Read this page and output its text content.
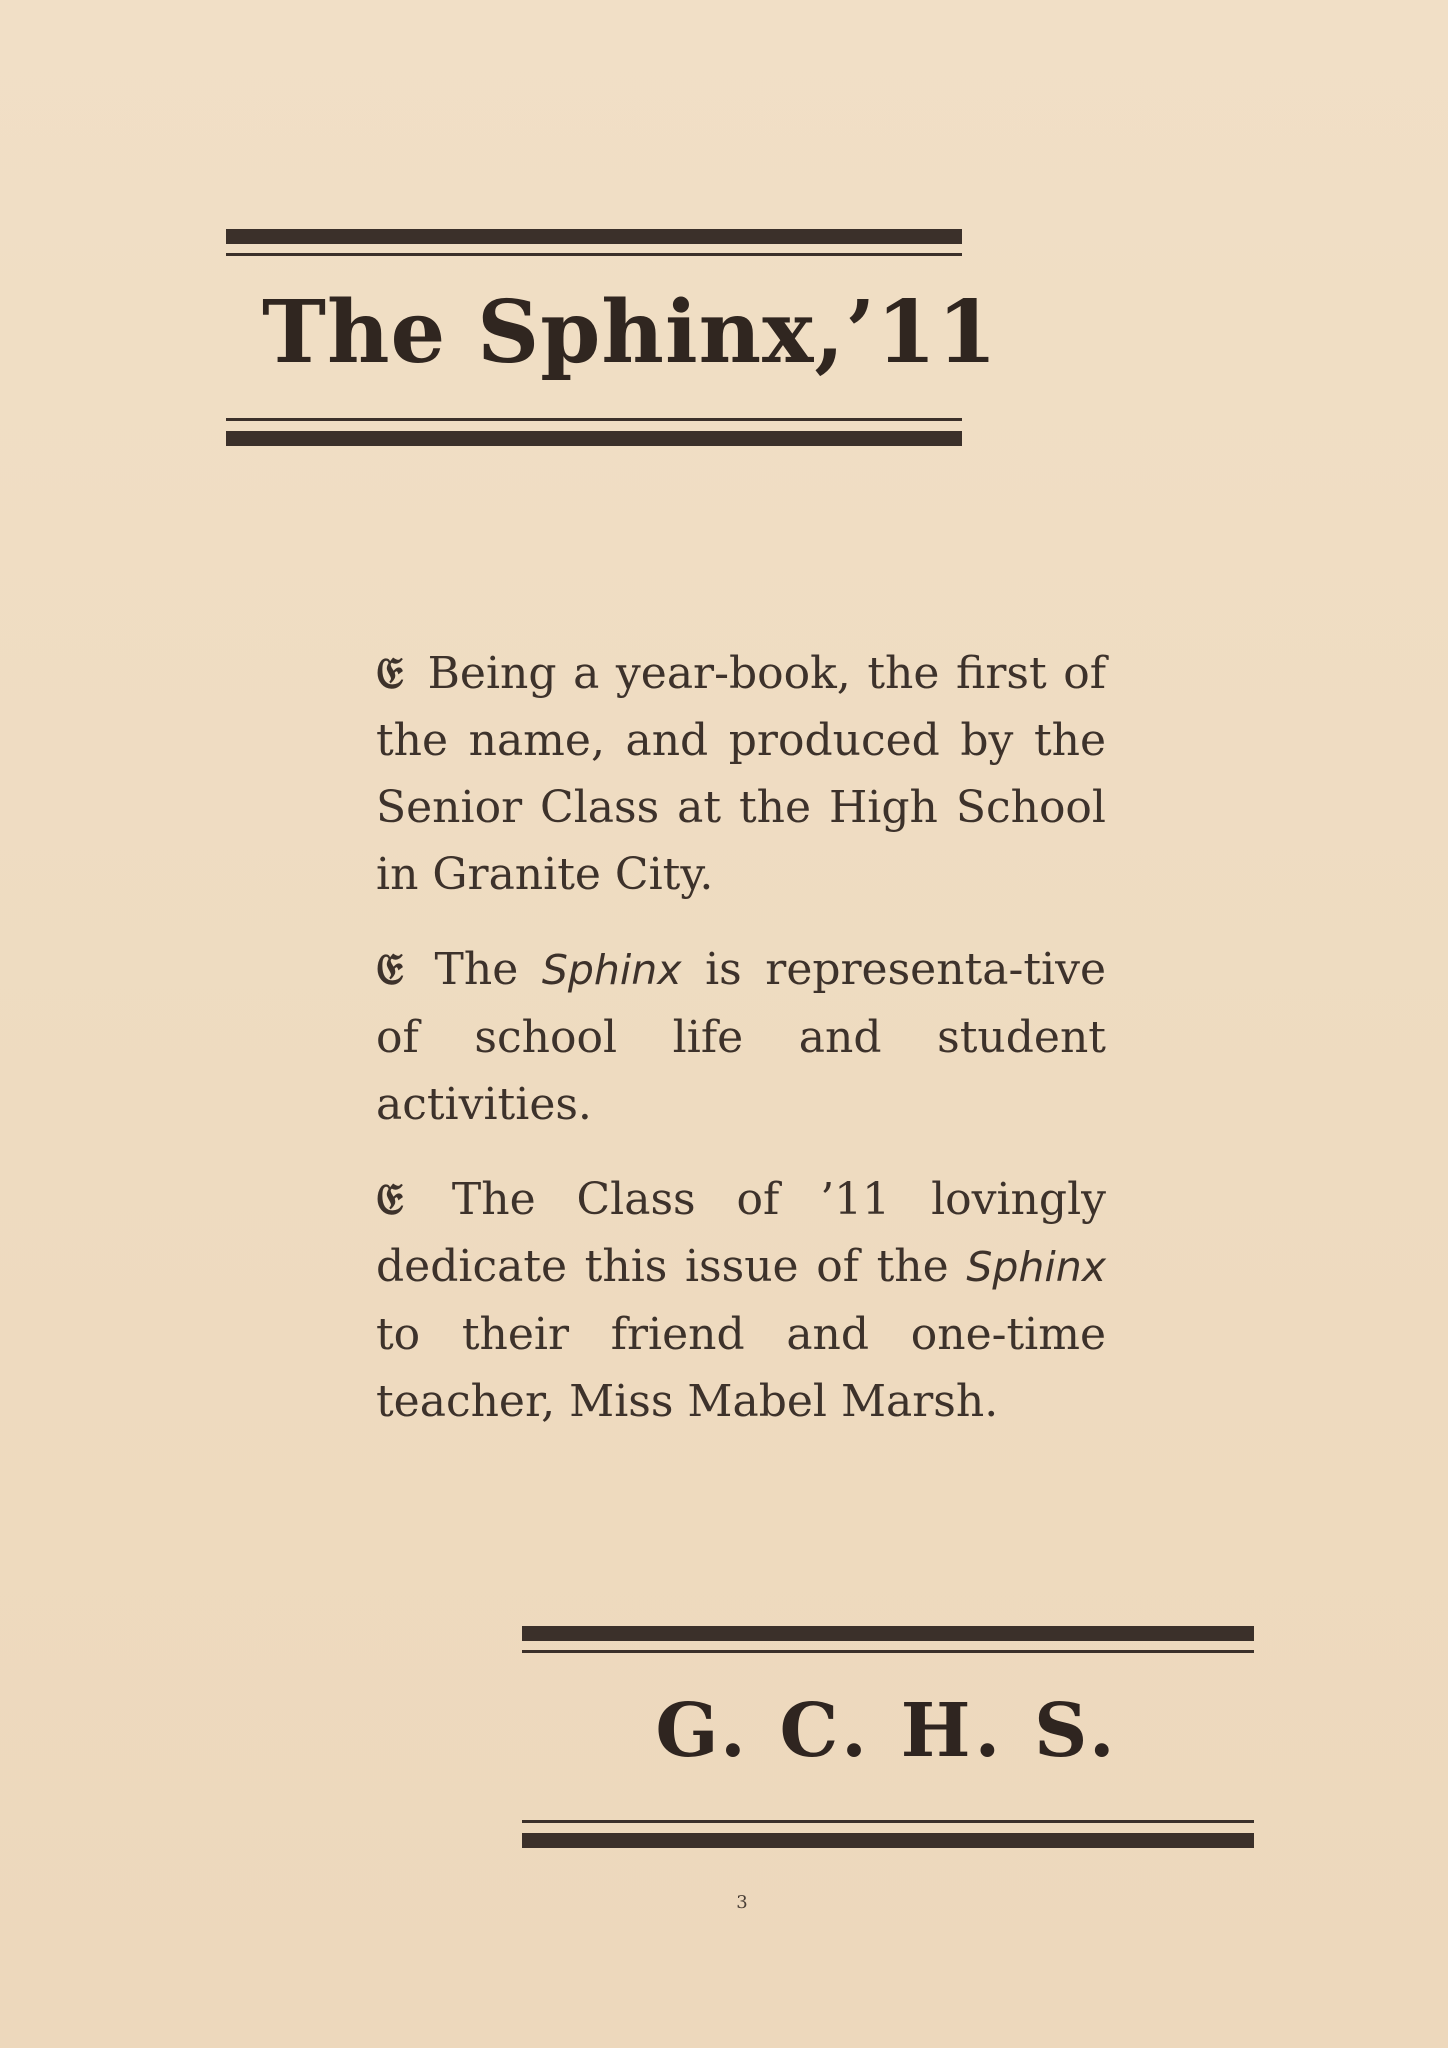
The Sphinx,’11

𝔈 Being a year-book, the first of the name, and produced by the Senior Class at the High School in Granite City.

𝔈 The Sphinx is representa-tive of school life and student activities.

𝔈 The Class of ’11 lovingly dedicate this issue of the Sphinx to their friend and one-time teacher, Miss Mabel Marsh.

G. C. H. S.
3
